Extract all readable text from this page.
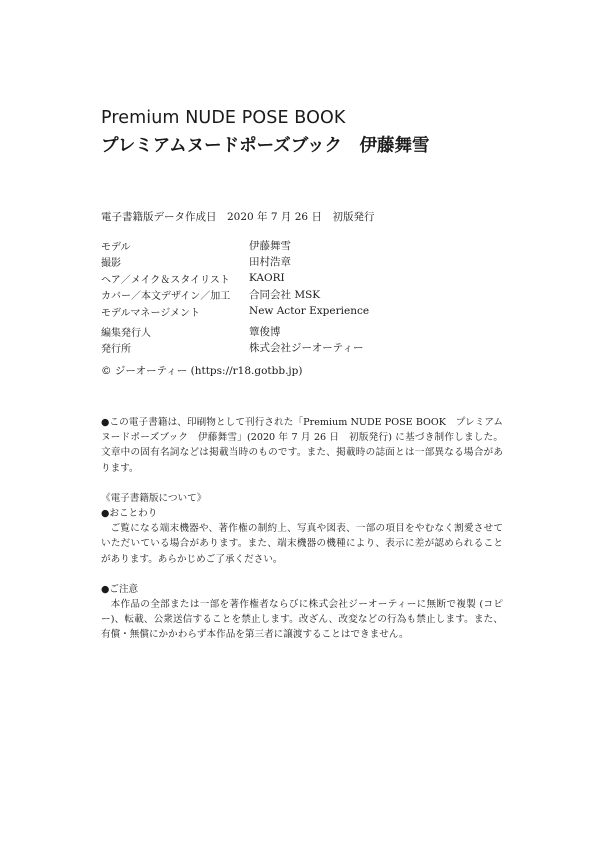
Premium NUDE POSE BOOK
プレミアムヌードポーズブック　伊藤舞雪
電子書籍版データ作成日　2020 年 7 月 26 日　初版発行
モデル	伊藤舞雪
撮影	田村浩章
ヘア／メイク＆スタイリスト	KAORI
カバー／本文デザイン／加工	合同会社 MSK
モデルマネージメント	New Actor Experience
編集発行人	簟俊博
発行所	株式会社ジーオーティー
© ジーオーティー (https://r18.gotbb.jp)

●この電子書籍は、印刷物として刊行された「Premium NUDE POSE BOOK　プレミアムヌードポーズブック　伊藤舞雪」(2020 年 7 月 26 日　初版発行) に基づき制作しました。文章中の固有名詞などは掲載当時のものです。また、掲載時の誌面とは一部異なる場合があります。

《電子書籍版について》

●おことわり

ご覧になる端末機器や、著作権の制約上、写真や図表、一部の項目をやむなく割愛させていただいている場合があります。また、端末機器の機種により、表示に差が認められることがあります。あらかじめご了承ください。

●ご注意

本作品の全部または一部を著作権者ならびに株式会社ジーオーティーに無断で複製 (コピー)、転載、公衆送信することを禁止します。改ざん、改変などの行為も禁止します。また、有償・無償にかかわらず本作品を第三者に譲渡することはできません。
